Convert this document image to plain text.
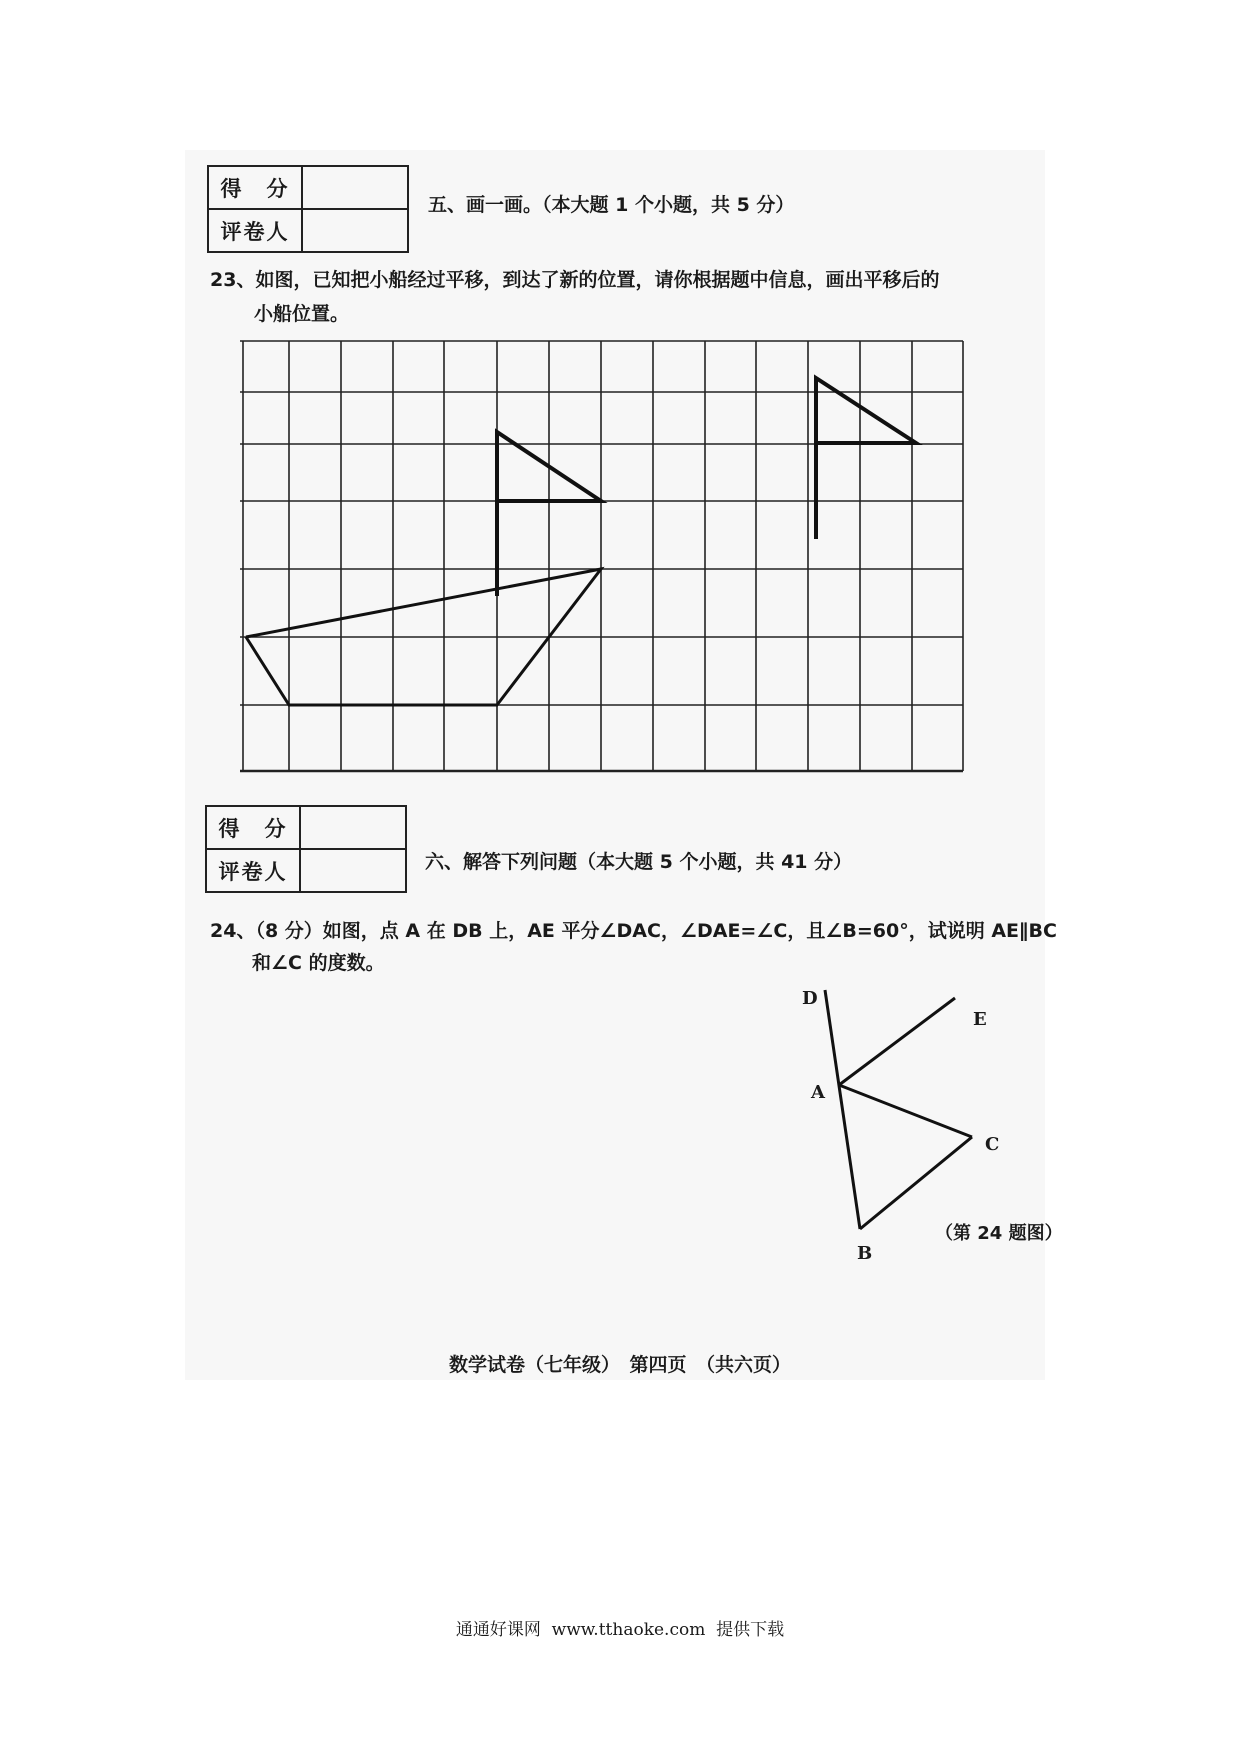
得　分	
评卷人	
五、画一画。（本大题 1 个小题，共 5 分）
23、如图，已知把小船经过平移，到达了新的位置，请你根据题中信息，画出平移后的
小船位置。
得　分	
评卷人		六、解答下列问题（本大题 5 个小题，共 41 分）
24、（8 分）如图，点 A 在 DB 上，AE 平分∠DAC，∠DAE=∠C，且∠B=60°，试说明 AE∥BC
和∠C 的度数。
D
E
A
C
B
（第 24 题图）
数学试卷（七年级）　第四页　（共六页）
通通好课网  www.tthaoke.com  提供下载
